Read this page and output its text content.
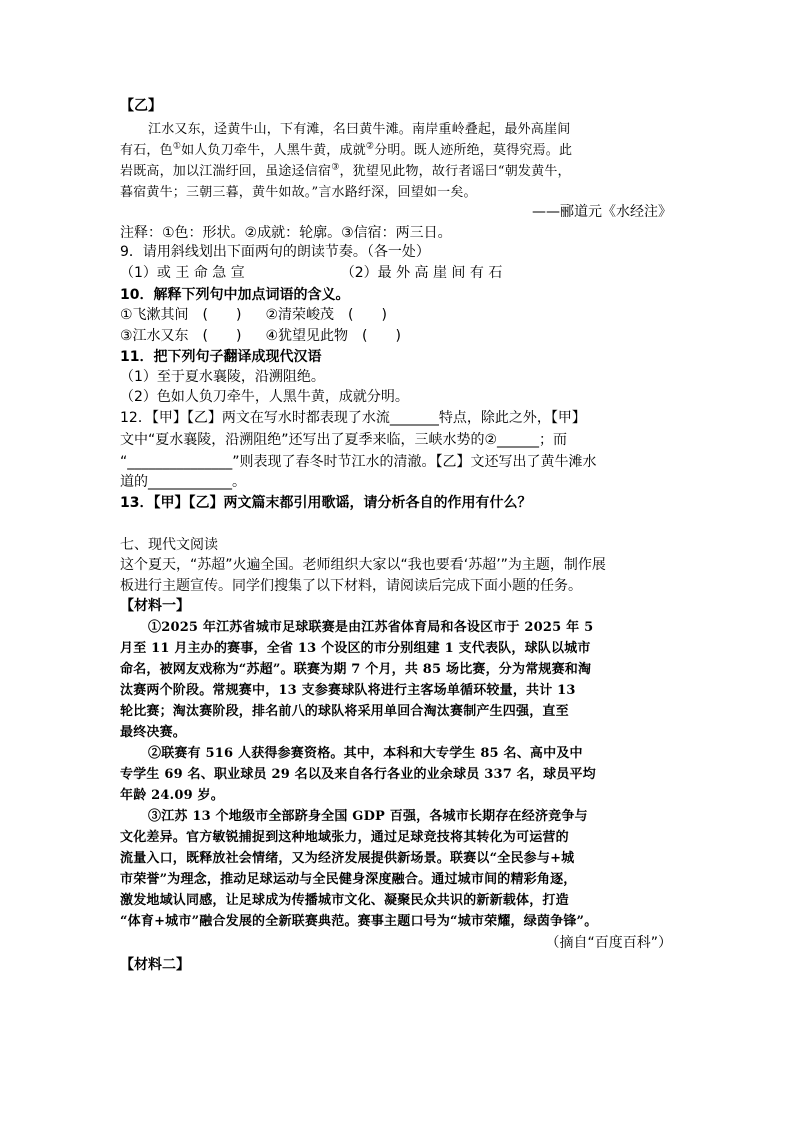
【乙】
江水又东，迳黄牛山，下有滩，名曰黄牛滩。南岸重岭叠起，最外高崖间
有石，色①如人负刀牵牛，人黑牛黄，成就②分明。既人迹所绝，莫得究焉。此
岩既高，加以江湍纡回，虽途迳信宿③，犹望见此物，故行者谣曰“朝发黄牛，
暮宿黄牛；三朝三暮，黄牛如故。”言水路纡深，回望如一矣。
——郦道元《水经注》
注释：①色：形状。②成就：轮廓。③信宿：两三日。
9．请用斜线划出下面两句的朗读节奏。（各一处）
（1）或 王 命 急 宣	（2）最 外 高 崖 间 有 石
10．解释下列句中加点词语的含义。
①飞漱其间　(　　) ②清荣峻茂　(　　)
③江水又东　(　　) ④犹望见此物　(　　)
11．把下列句子翻译成现代汉语
（1）至于夏水襄陵，沿溯阻绝。
（2）色如人负刀牵牛，人黑牛黄，成就分明。
12．【甲】【乙】两文在写水时都表现了水流_______特点，除此之外，【甲】
文中“夏水襄陵，沿溯阻绝”还写出了夏季来临，三峡水势的②______；而
“_______________”则表现了春冬时节江水的清澈。【乙】文还写出了黄牛滩水
道的____________。
13．【甲】【乙】两文篇末都引用歌谣，请分析各自的作用有什么？
七、现代文阅读
这个夏天，“苏超”火遍全国。老师组织大家以“我也要看‘苏超’”为主题，制作展
板进行主题宣传。同学们搜集了以下材料，请阅读后完成下面小题的任务。
【材料一】
①2025 年江苏省城市足球联赛是由江苏省体育局和各设区市于 2025 年 5
月至 11 月主办的赛事，全省 13 个设区的市分别组建 1 支代表队，球队以城市
命名，被网友戏称为“苏超”。联赛为期 7 个月，共 85 场比赛，分为常规赛和淘
汰赛两个阶段。常规赛中，13 支参赛球队将进行主客场单循环较量，共计 13
轮比赛；淘汰赛阶段，排名前八的球队将采用单回合淘汰赛制产生四强，直至
最终决赛。
②联赛有 516 人获得参赛资格。其中，本科和大专学生 85 名、高中及中
专学生 69 名、职业球员 29 名以及来自各行各业的业余球员 337 名，球员平均
年龄 24.09 岁。
③江苏 13 个地级市全部跻身全国 GDP 百强，各城市长期存在经济竞争与
文化差异。官方敏锐捕捉到这种地域张力，通过足球竞技将其转化为可运营的
流量入口，既释放社会情绪，又为经济发展提供新场景。联赛以“全民参与+城
市荣誉”为理念，推动足球运动与全民健身深度融合。通过城市间的精彩角逐，
激发地域认同感，让足球成为传播城市文化、凝聚民众共识的新新载体，打造
“体育+城市”融合发展的全新联赛典范。赛事主题口号为“城市荣耀，绿茵争锋”。
（摘自“百度百科”）
【材料二】
